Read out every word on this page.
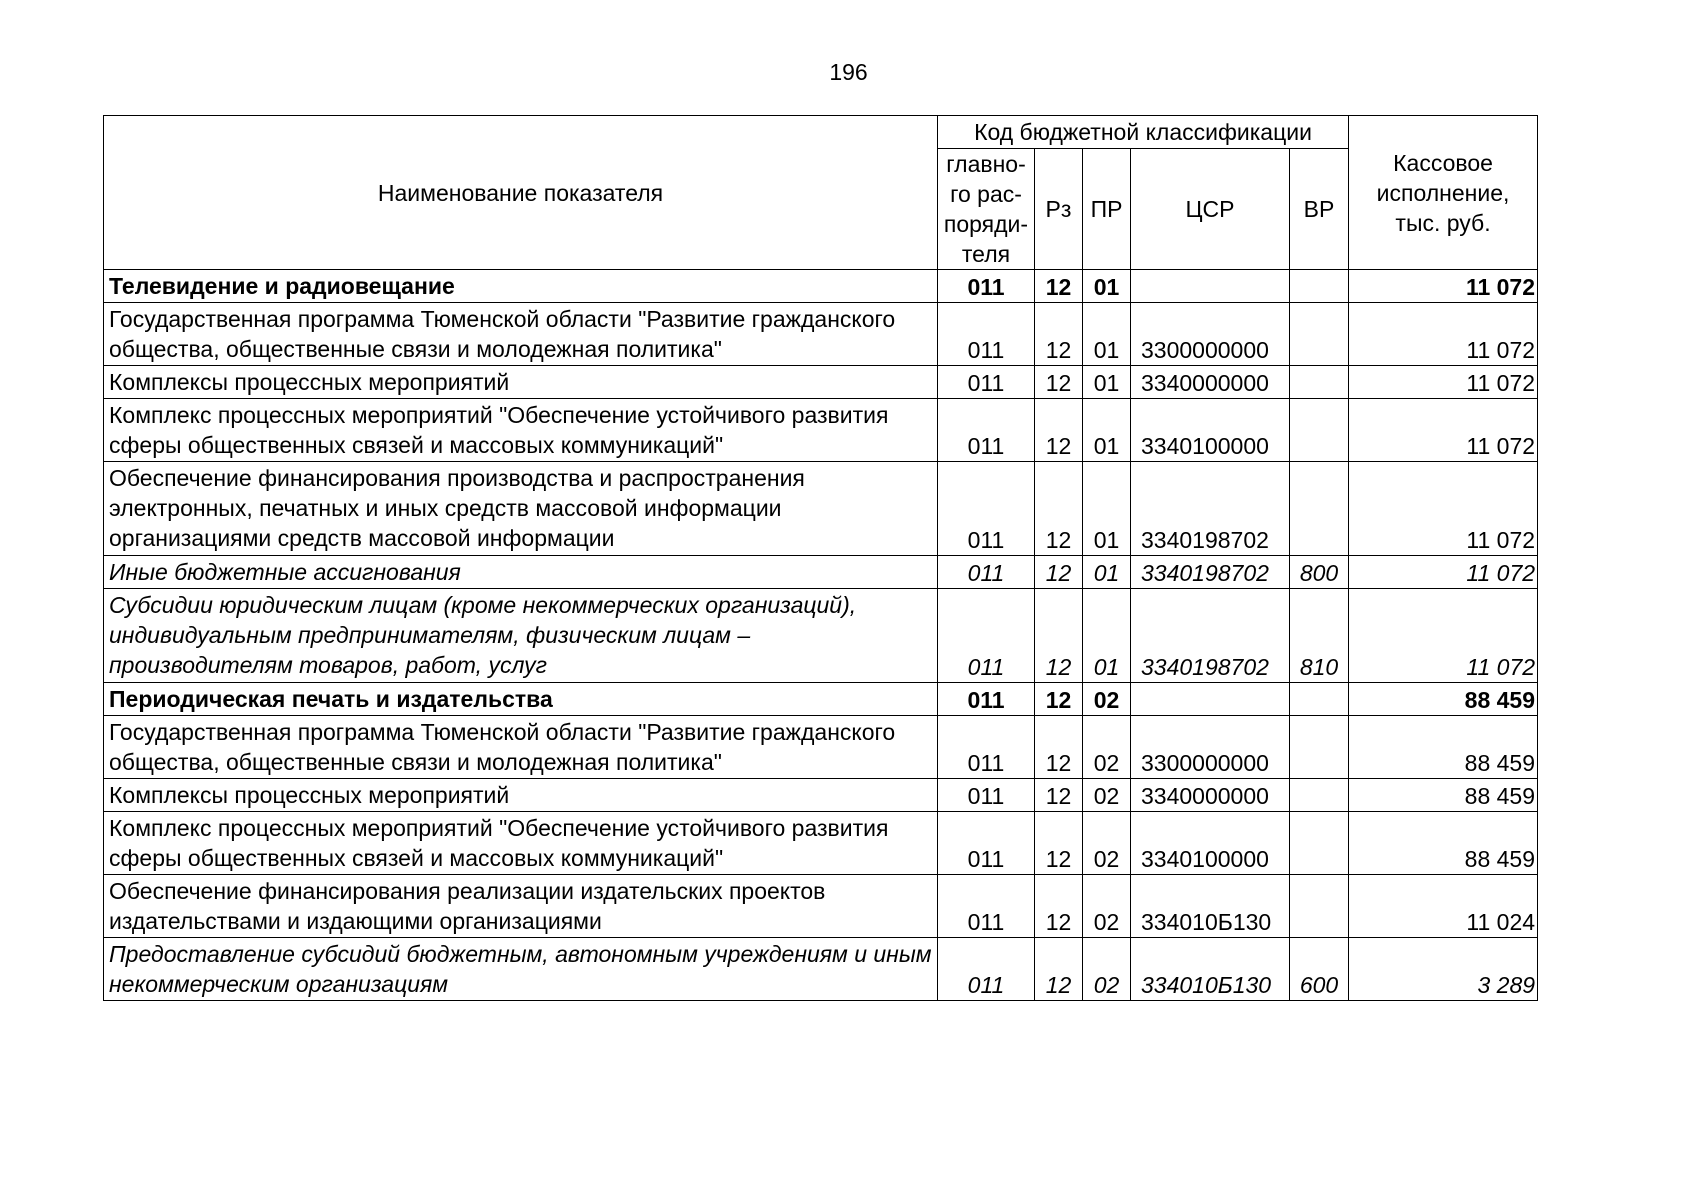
196
Наименование показателя	Код бюджетной классификации					Кассовое исполнение, тыс. руб.
	главно-го рас-поряди-теля	Рз	ПР	ЦСР	ВР	
Телевидение и радиовещание	011	12	01			11 072
Государственная программа Тюменской области "Развитие гражданского общества, общественные связи и молодежная политика"	011	12	01	3300000000		11 072
Комплексы процессных мероприятий	011	12	01	3340000000		11 072
Комплекс процессных мероприятий "Обеспечение устойчивого развития сферы общественных связей и массовых коммуникаций"	011	12	01	3340100000		11 072
Обеспечение финансирования производства и распространения электронных, печатных и иных средств массовой информации организациями средств массовой информации	011	12	01	3340198702		11 072
Иные бюджетные ассигнования	011	12	01	3340198702	800	11 072
Субсидии юридическим лицам (кроме некоммерческих организаций), индивидуальным предпринимателям, физическим лицам – производителям товаров, работ, услуг	011	12	01	3340198702	810	11 072
Периодическая печать и издательства	011	12	02			88 459
Государственная программа Тюменской области "Развитие гражданского общества, общественные связи и молодежная политика"	011	12	02	3300000000		88 459
Комплексы процессных мероприятий	011	12	02	3340000000		88 459
Комплекс процессных мероприятий "Обеспечение устойчивого развития сферы общественных связей и массовых коммуникаций"	011	12	02	3340100000		88 459
Обеспечение финансирования реализации издательских проектов издательствами и издающими организациями	011	12	02	334010Б130		11 024
Предоставление субсидий бюджетным, автономным учреждениям и иным некоммерческим организациям	011	12	02	334010Б130	600	3 289
